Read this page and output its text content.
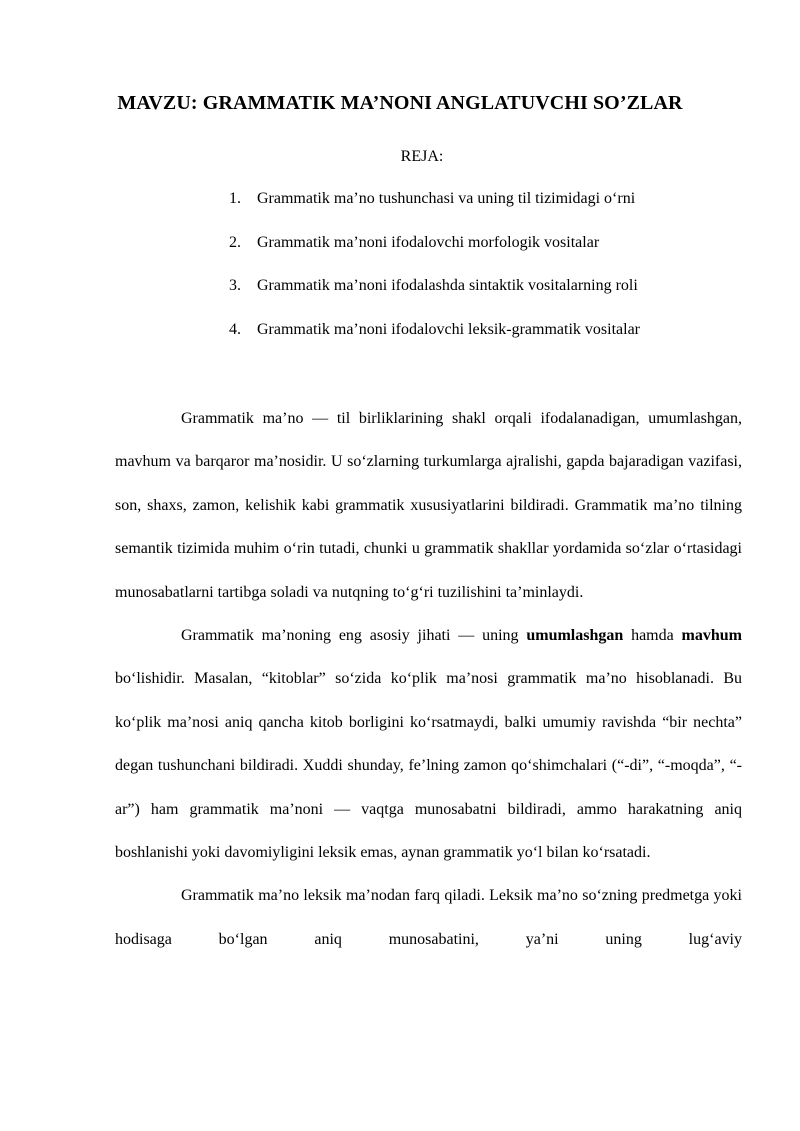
MAVZU: GRAMMATIK MA’NONI ANGLATUVCHI SO’ZLAR
REJA:
1. Grammatik ma’no tushunchasi va uning til tizimidagi o‘rni
2. Grammatik ma’noni ifodalovchi morfologik vositalar
3. Grammatik ma’noni ifodalashda sintaktik vositalarning roli
4. Grammatik ma’noni ifodalovchi leksik-grammatik vositalar

Grammatik ma’no — til birliklarining shakl orqali ifodalanadigan, umumlashgan, mavhum va barqaror ma’nosidir. U so‘zlarning turkumlarga ajralishi, gapda bajaradigan vazifasi, son, shaxs, zamon, kelishik kabi grammatik xususiyatlarini bildiradi. Grammatik ma’no tilning semantik tizimida muhim o‘rin tutadi, chunki u grammatik shakllar yordamida so‘zlar o‘rtasidagi munosabatlarni tartibga soladi va nutqning to‘g‘ri tuzilishini ta’minlaydi.

Grammatik ma’noning eng asosiy jihati — uning umumlashgan hamda mavhum bo‘lishidir. Masalan, “kitoblar” so‘zida ko‘plik ma’nosi grammatik ma’no hisoblanadi. Bu ko‘plik ma’nosi aniq qancha kitob borligini ko‘rsatmaydi, balki umumiy ravishda “bir nechta” degan tushunchani bildiradi. Xuddi shunday, fe’lning zamon qo‘shimchalari (“-di”, “-moqda”, “-ar”) ham grammatik ma’noni — vaqtga munosabatni bildiradi, ammo harakatning aniq boshlanishi yoki davomiyligini leksik emas, aynan grammatik yo‘l bilan ko‘rsatadi.

Grammatik ma’no leksik ma’nodan farq qiladi. Leksik ma’no so‘zning predmetga yoki hodisaga bo‘lgan aniq munosabatini, ya’ni uning lug‘aviy
